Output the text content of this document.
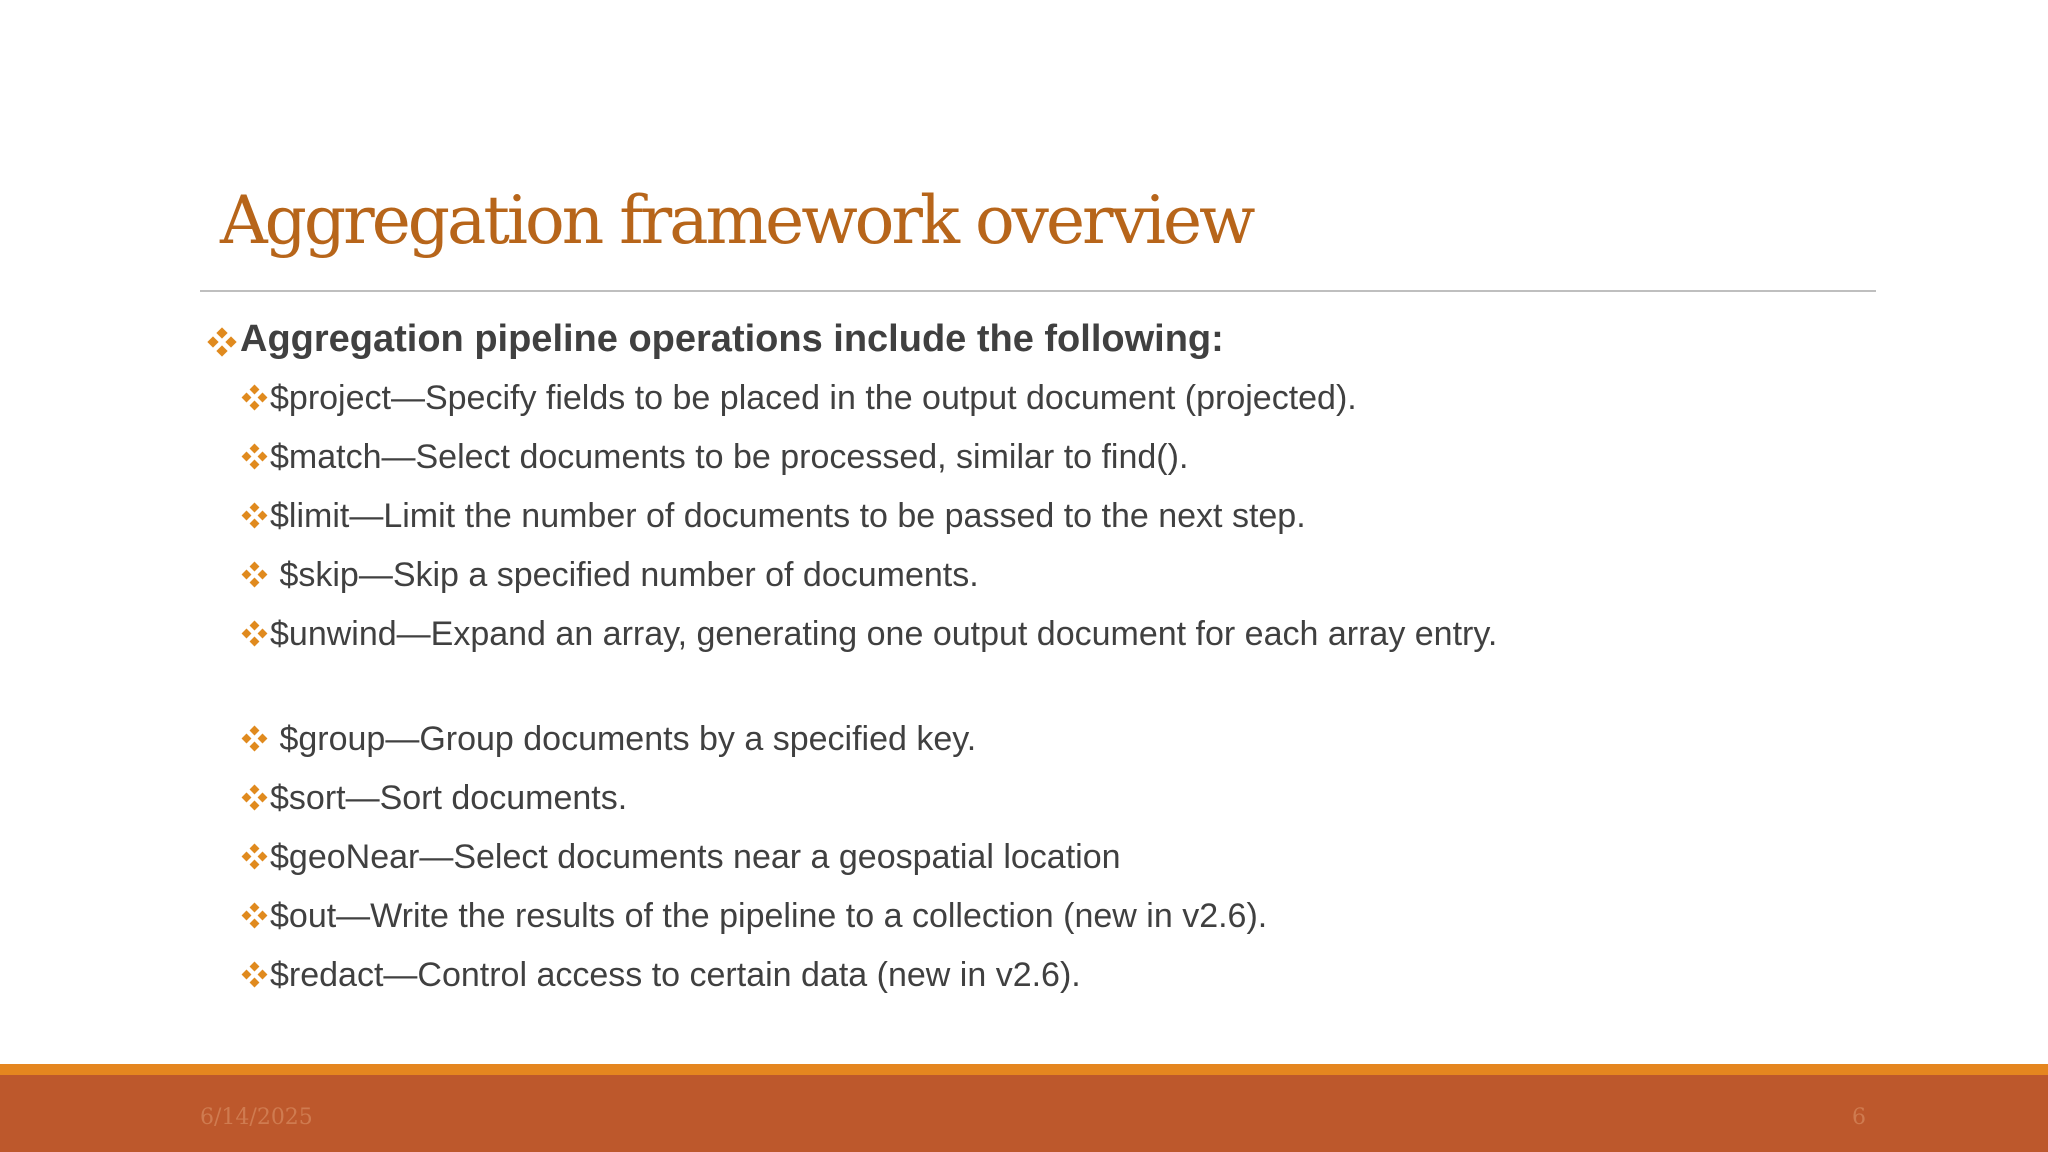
Aggregation framework overview
Aggregation pipeline operations include the following:
$project—Specify fields to be placed in the output document (projected).
$match—Select documents to be processed, similar to find().
$limit—Limit the number of documents to be passed to the next step.
$skip—Skip a specified number of documents.
$unwind—Expand an array, generating one output document for each array entry.
$group—Group documents by a specified key.
$sort—Sort documents.
$geoNear—Select documents near a geospatial location
$out—Write the results of the pipeline to a collection (new in v2.6).
$redact—Control access to certain data (new in v2.6).
6/14/2025	6
